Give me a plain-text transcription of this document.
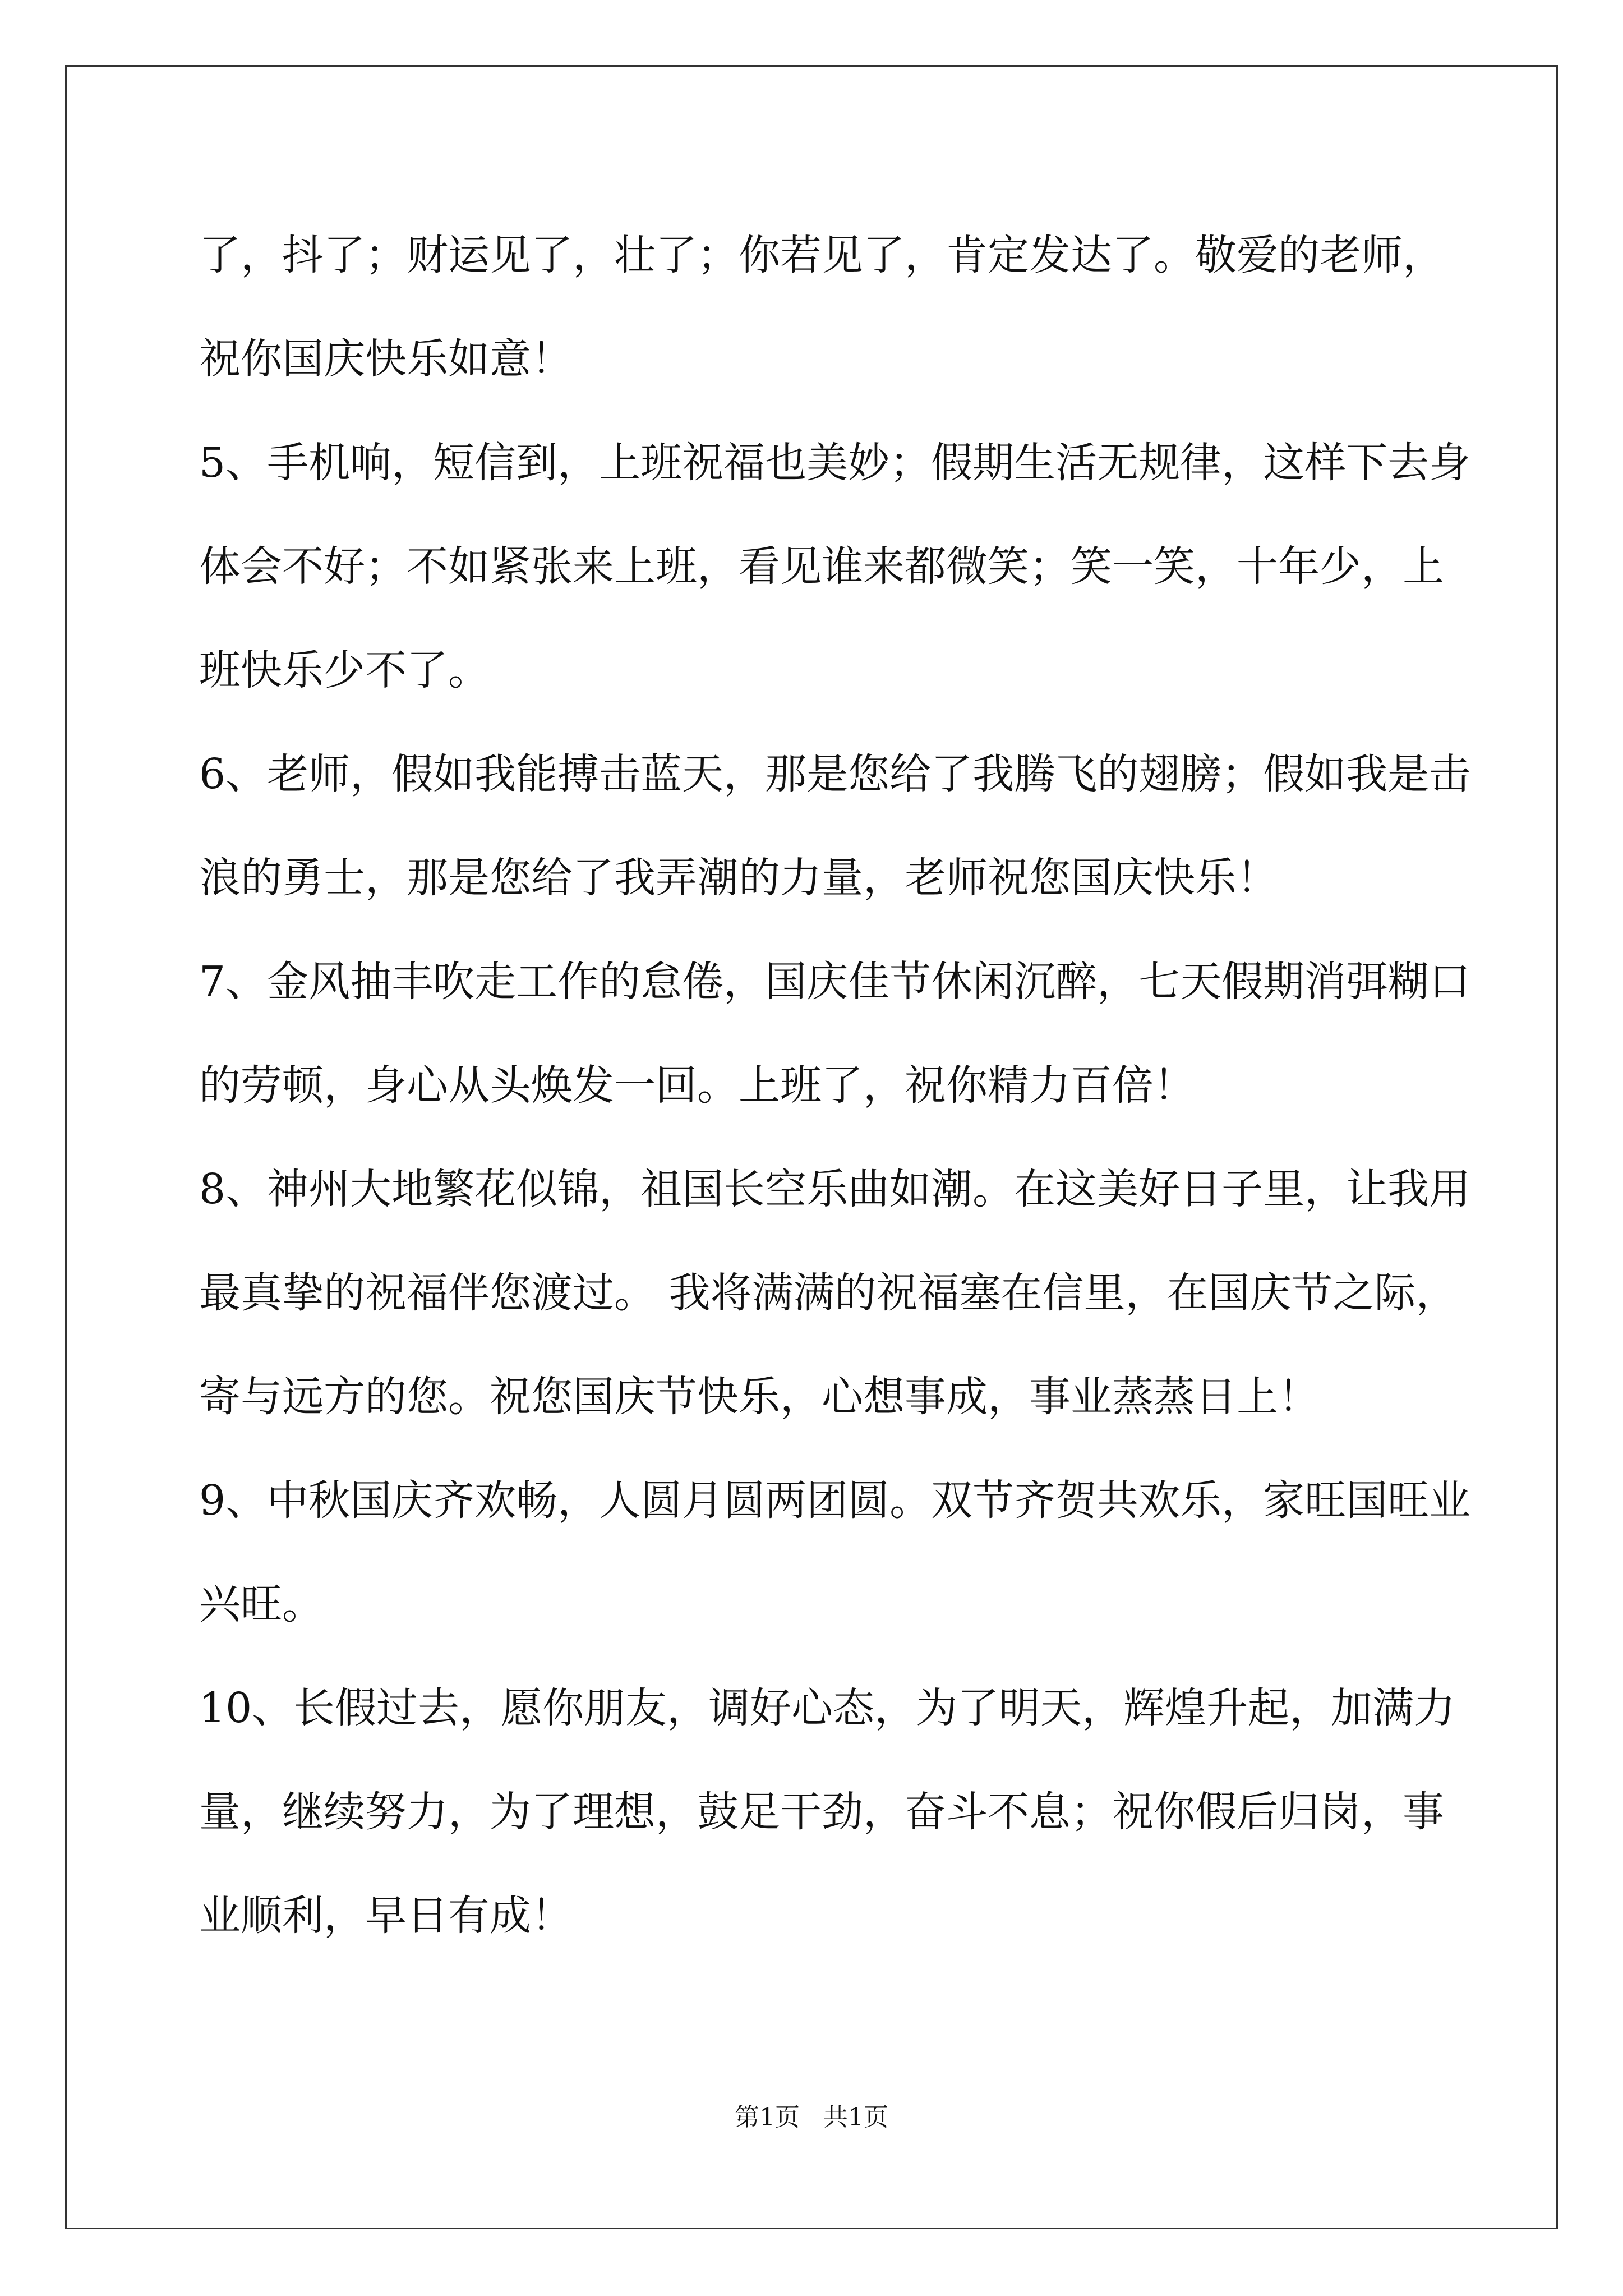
了，抖了；财运见了，壮了；你若见了，肯定发达了。敬爱的老师，
祝你国庆快乐如意！
5、手机响，短信到，上班祝福也美妙；假期生活无规律，这样下去身
体会不好；不如紧张来上班，看见谁来都微笑；笑一笑，十年少，上
班快乐少不了。
6、老师，假如我能搏击蓝天，那是您给了我腾飞的翅膀；假如我是击
浪的勇士，那是您给了我弄潮的力量，老师祝您国庆快乐！
7、金风抽丰吹走工作的怠倦，国庆佳节休闲沉醉，七天假期消弭糊口
的劳顿，身心从头焕发一回。上班了，祝你精力百倍！
8、神州大地繁花似锦，祖国长空乐曲如潮。在这美好日子里，让我用
最真挚的祝福伴您渡过。 我将满满的祝福塞在信里，在国庆节之际，
寄与远方的您。祝您国庆节快乐，心想事成，事业蒸蒸日上！
9、中秋国庆齐欢畅，人圆月圆两团圆。双节齐贺共欢乐，家旺国旺业
兴旺。
10、长假过去，愿你朋友，调好心态，为了明天，辉煌升起，加满力
量，继续努力，为了理想，鼓足干劲，奋斗不息；祝你假后归岗，事
业顺利，早日有成！
第1页   共1页
